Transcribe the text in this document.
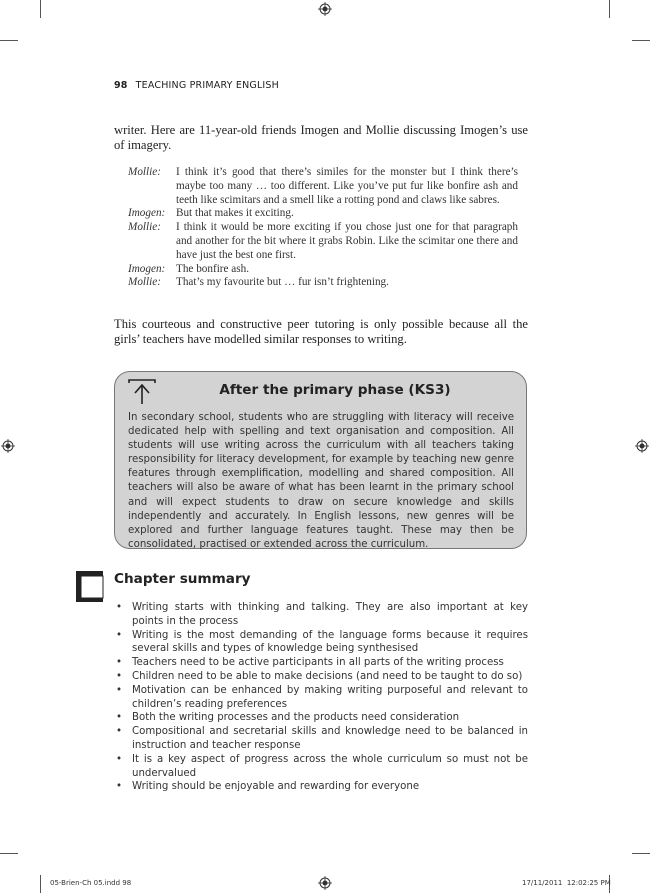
98 TEACHING PRIMARY ENGLISH
writer. Here are 11-year-old friends Imogen and Mollie discussing Imogen’s use of imagery.
Mollie:	I think it’s good that there’s similes for the monster but I think there’s maybe too many … too different. Like you’ve put fur like bonfire ash and teeth like scimitars and a smell like a rotting pond and claws like sabres.
Imogen: But that makes it exciting.
Mollie:	I think it would be more exciting if you chose just one for that paragraph and another for the bit where it grabs Robin. Like the scimitar one there and have just the best one first.
Imogen: The bonfire ash.
Mollie:	That’s my favourite but … fur isn’t frightening.
This courteous and constructive peer tutoring is only possible because all the girls’ teachers have modelled similar responses to writing.
After the primary phase (KS3)
In secondary school, students who are struggling with literacy will receive dedicated help with spelling and text organisation and composition. All students will use writing across the curriculum with all teachers taking responsibility for literacy development, for example by teaching new genre features through exemplification, modelling and shared composition. All teachers will also be aware of what has been learnt in the primary school and will expect students to draw on secure knowledge and skills independently and accurately. In English lessons, new genres will be explored and further language features taught. These may then be consolidated, practised or extended across the curriculum.
Chapter summary
• Writing starts with thinking and talking. They are also important at key points in the process
• Writing is the most demanding of the language forms because it requires several skills and types of knowledge being synthesised
• Teachers need to be active participants in all parts of the writing process
• Children need to be able to make decisions (and need to be taught to do so)
• Motivation can be enhanced by making writing purposeful and relevant to children’s reading preferences
• Both the writing processes and the products need consideration
• Compositional and secretarial skills and knowledge need to be balanced in instruction and teacher response
• It is a key aspect of progress across the whole curriculum so must not be undervalued
• Writing should be enjoyable and rewarding for everyone
05-Brien-Ch 05.indd 98	17/11/2011 12:02:25 PM
